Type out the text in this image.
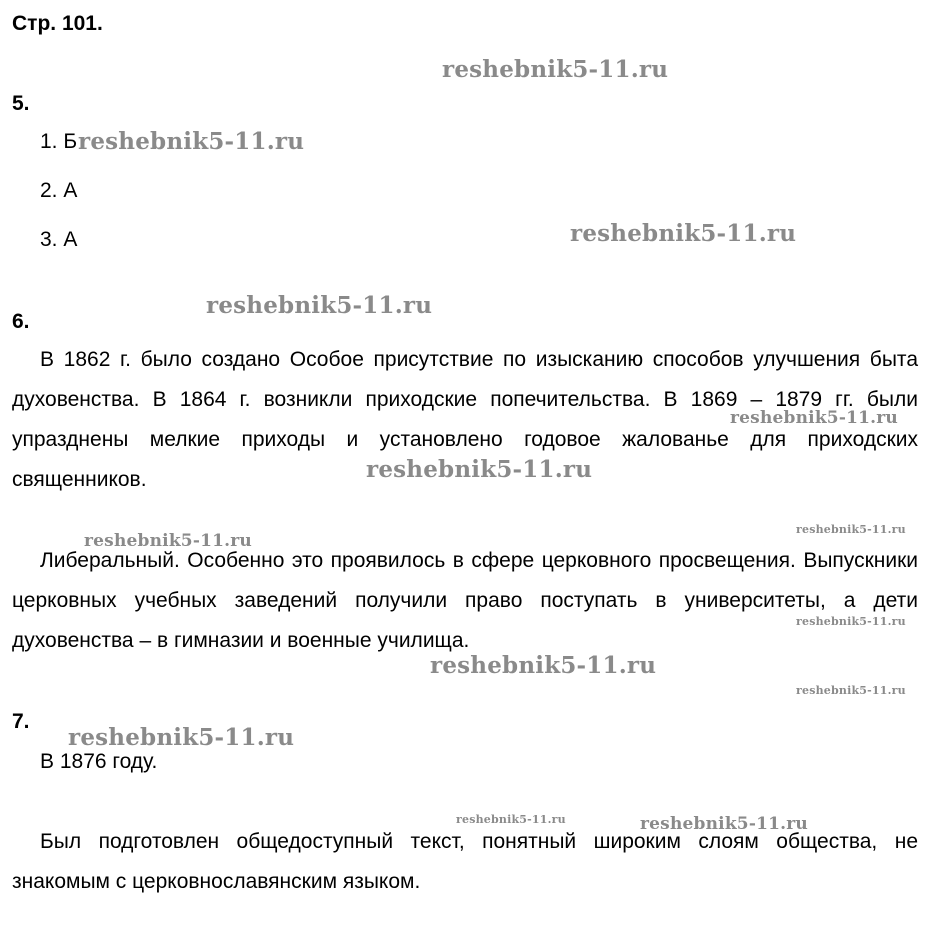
Стр. 101.
5.
1. Б
2. А
3. А
6.
В 1862 г. было создано Особое присутствие по изысканию способов улучшения быта духовенства. В 1864 г. возникли приходские попечительства. В 1869 – 1879 гг. были упразднены мелкие приходы и установлено годовое жалованье для приходских священников.
Либеральный. Особенно это проявилось в сфере церковного просвещения. Выпускники церковных учебных заведений получили право поступать в университеты, а дети духовенства – в гимназии и военные училища.
7.
В 1876 году.
Был подготовлен общедоступный текст, понятный широким слоям общества, не знакомым с церковнославянским языком.
reshebnik5-11.ru
reshebnik5-11.ru
reshebnik5-11.ru
reshebnik5-11.ru
reshebnik5-11.ru
reshebnik5-11.ru
reshebnik5-11.ru
reshebnik5-11.ru
reshebnik5-11.ru
reshebnik5-11.ru
reshebnik5-11.ru
reshebnik5-11.ru
reshebnik5-11.ru	reshebnik5-11.ru
